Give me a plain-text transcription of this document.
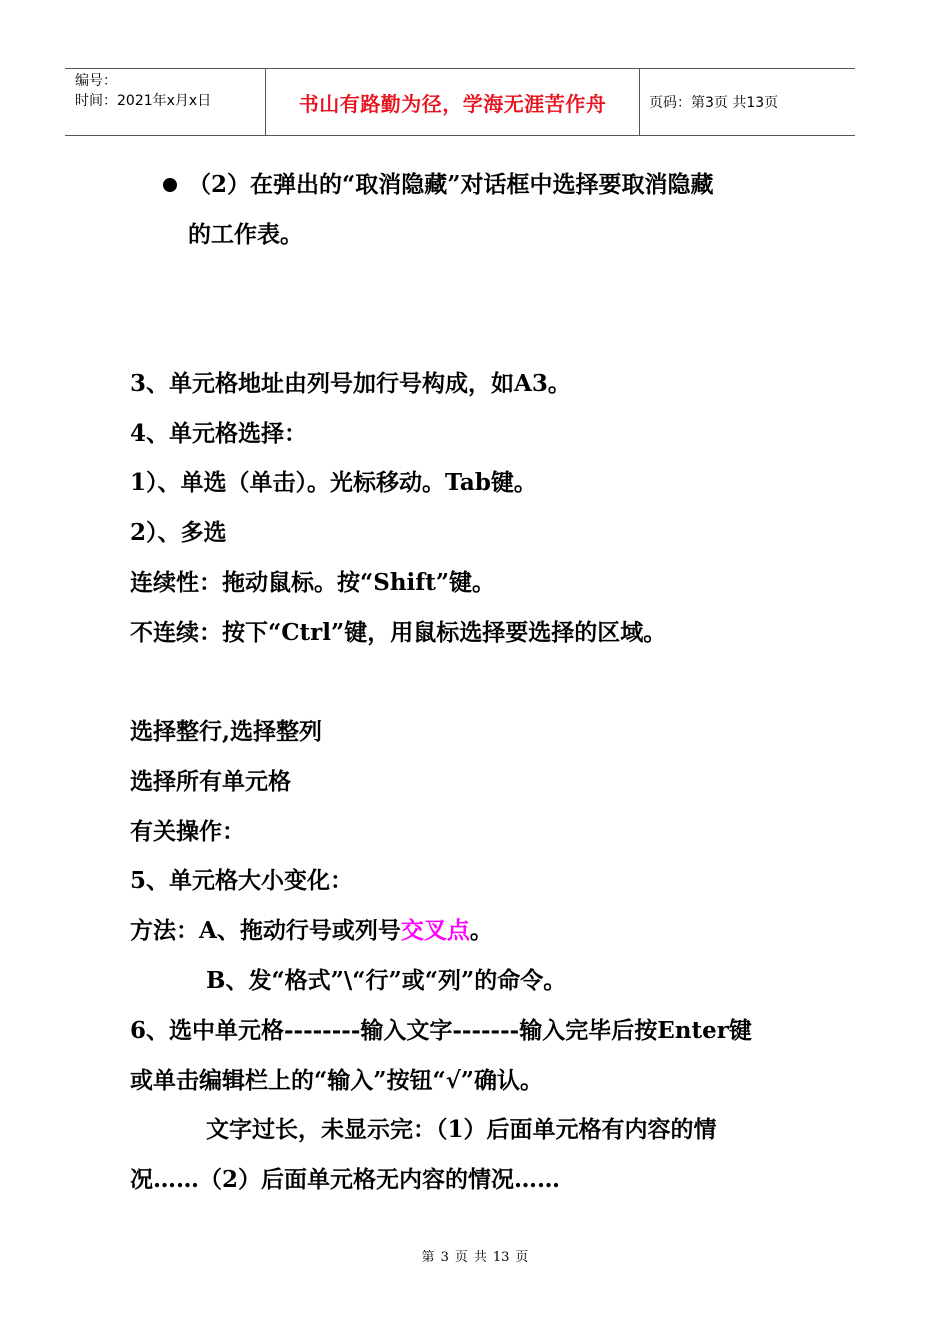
编号：
时间：2021年x月x日	书山有路勤为径，学海无涯苦作舟	页码：第3页 共13页
（2）在弹出的“取消隐藏”对话框中选择要取消隐藏
的工作表。
3、单元格地址由列号加行号构成，如A3。
4、单元格选择：
1）、单选（单击）。光标移动。Tab键。
2）、多选
连续性：拖动鼠标。按“Shift”键。
不连续：按下“Ctrl”键，用鼠标选择要选择的区域。
选择整行,选择整列
选择所有单元格
有关操作：
5、单元格大小变化：
方法：A、拖动行号或列号交叉点。
B、发“格式”\“行”或“列”的命令。
6、选中单元格--------输入文字-------输入完毕后按Enter键
或单击编辑栏上的“输入”按钮“√”确认。
文字过长，未显示完：（1）后面单元格有内容的情
况……（2）后面单元格无内容的情况……
第 3 页 共 13 页
